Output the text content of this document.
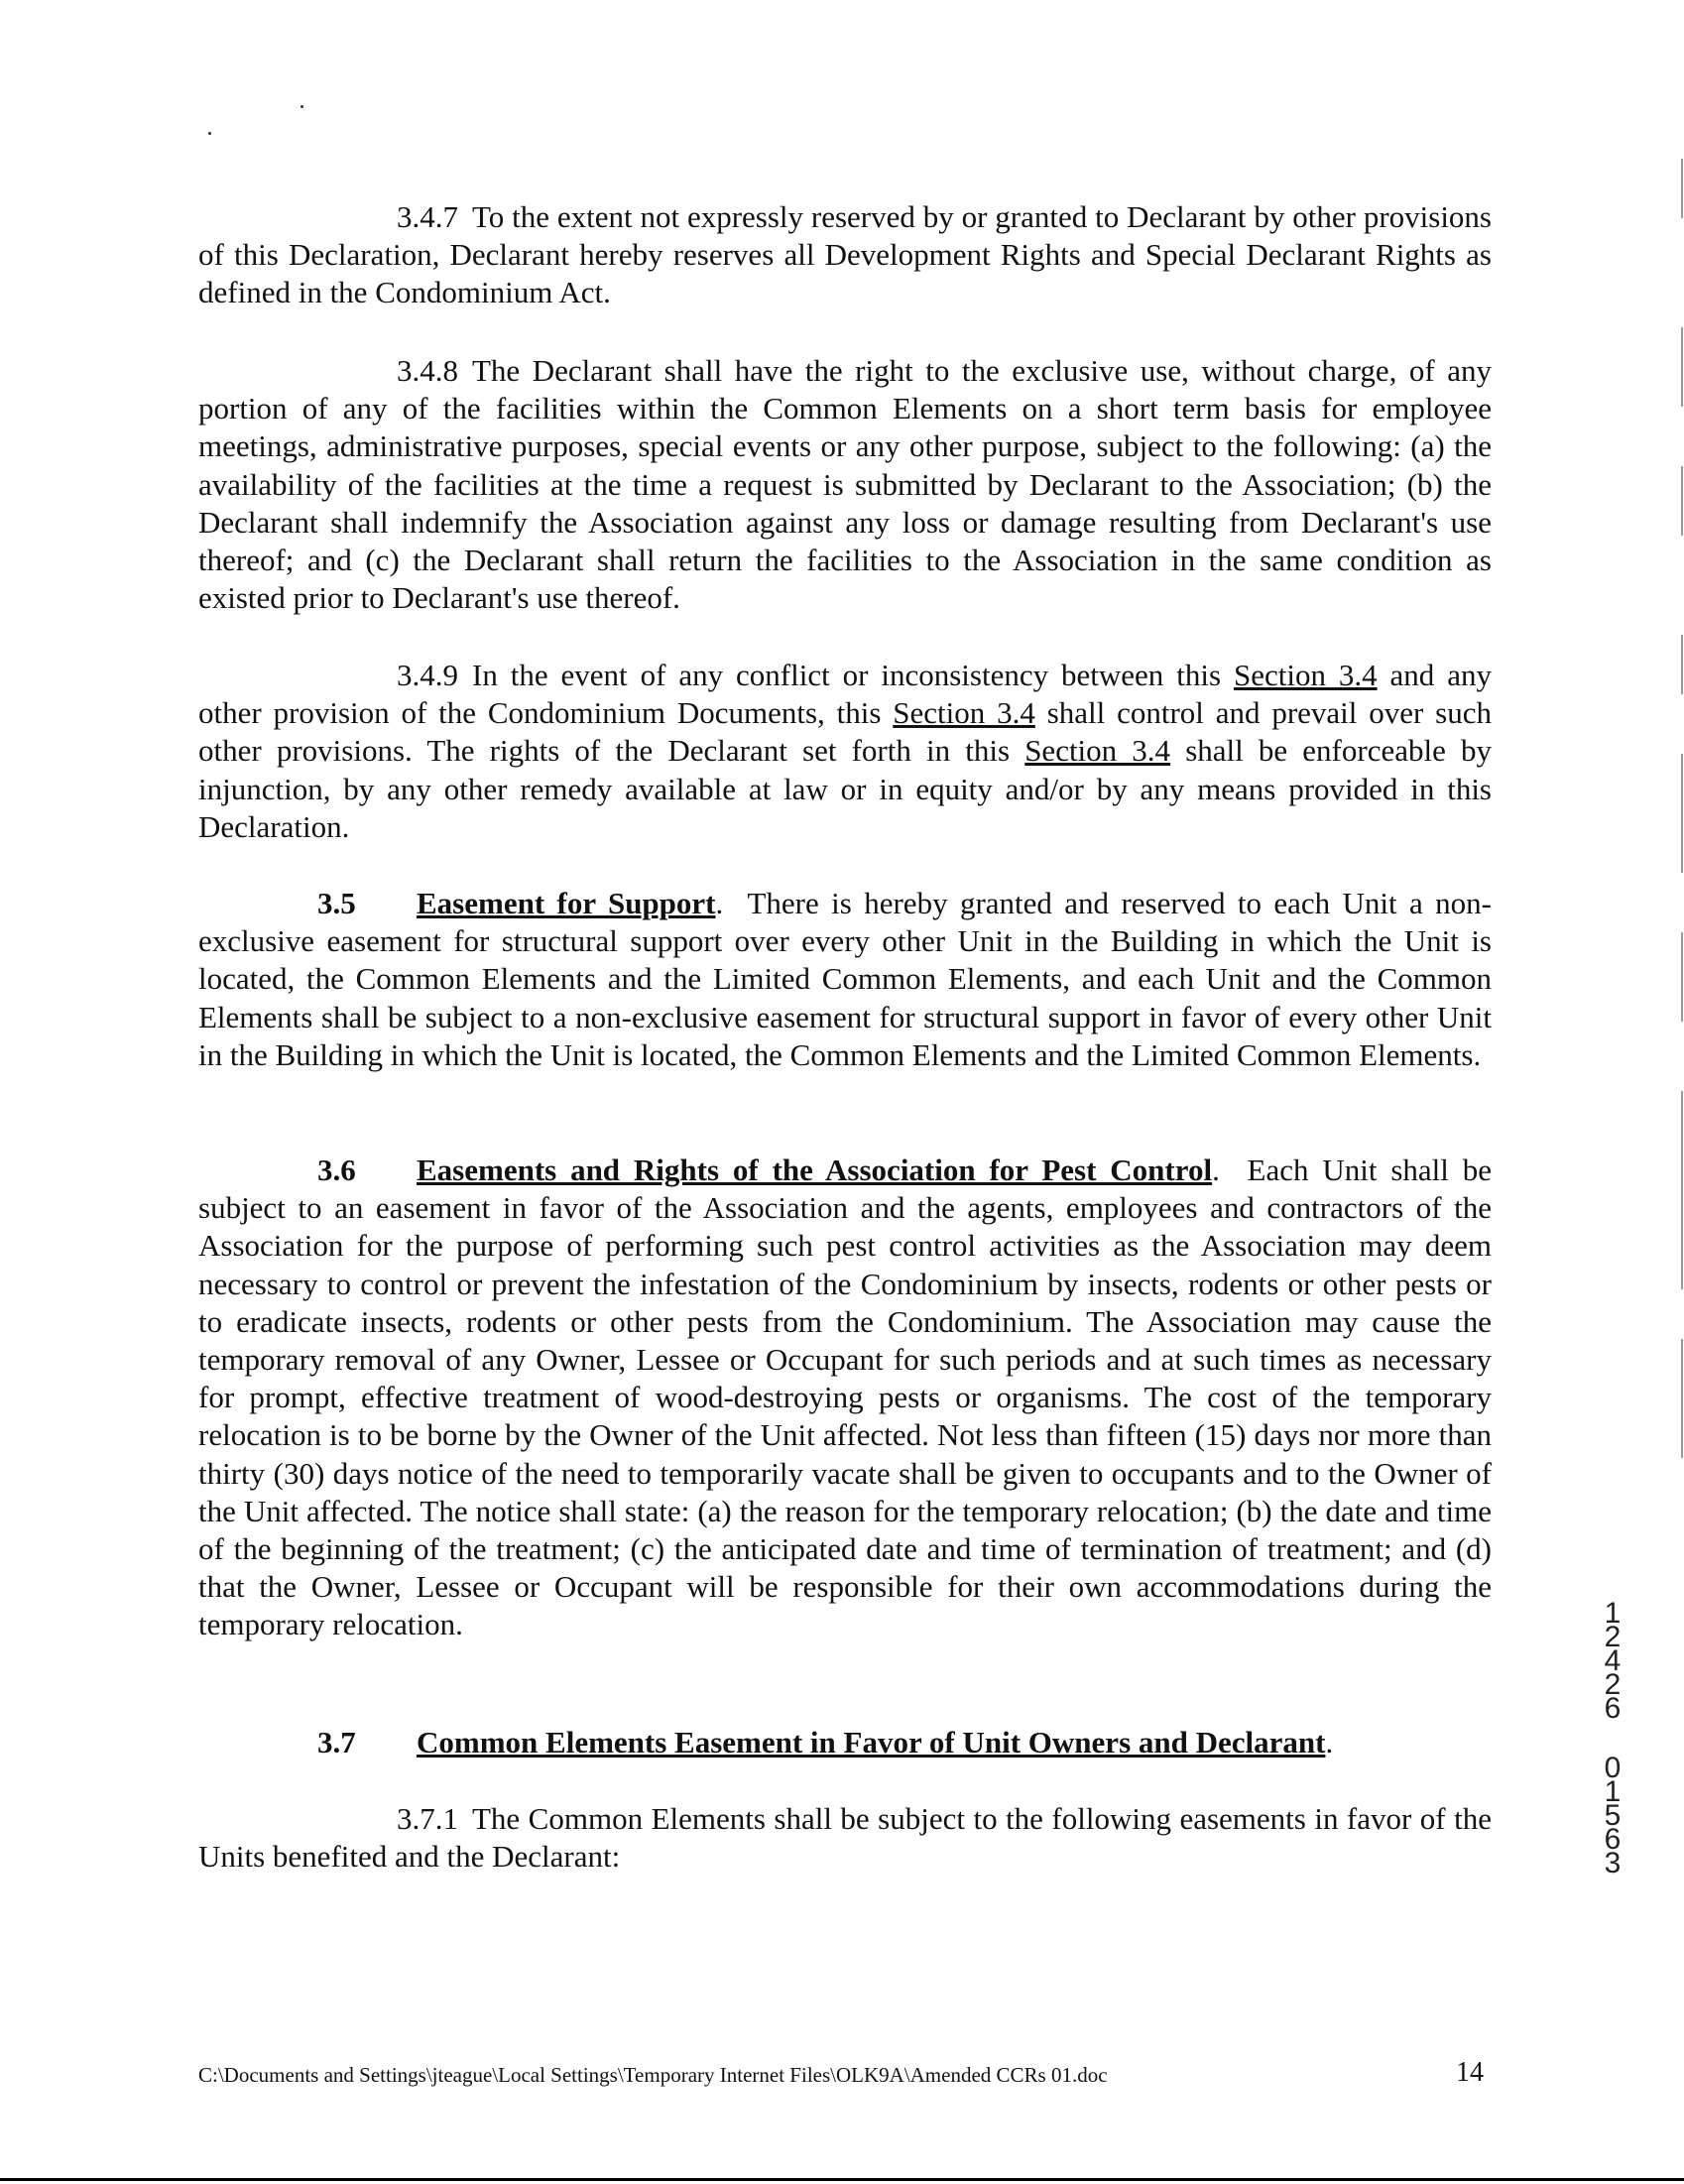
3.4.7 To the extent not expressly reserved by or granted to Declarant by other provisions of this Declaration, Declarant hereby reserves all Development Rights and Special Declarant Rights as defined in the Condominium Act.

3.4.8 The Declarant shall have the right to the exclusive use, without charge, of any portion of any of the facilities within the Common Elements on a short term basis for employee meetings, administrative purposes, special events or any other purpose, subject to the following: (a) the availability of the facilities at the time a request is submitted by Declarant to the Association; (b) the Declarant shall indemnify the Association against any loss or damage resulting from Declarant's use thereof; and (c) the Declarant shall return the facilities to the Association in the same condition as existed prior to Declarant's use thereof.

3.4.9 In the event of any conflict or inconsistency between this Section 3.4 and any other provision of the Condominium Documents, this Section 3.4 shall control and prevail over such other provisions. The rights of the Declarant set forth in this Section 3.4 shall be enforceable by injunction, by any other remedy available at law or in equity and/or by any means provided in this Declaration.

3.5 Easement for Support.  There is hereby granted and reserved to each Unit a non-exclusive easement for structural support over every other Unit in the Building in which the Unit is located, the Common Elements and the Limited Common Elements, and each Unit and the Common Elements shall be subject to a non-exclusive easement for structural support in favor of every other Unit in the Building in which the Unit is located, the Common Elements and the Limited Common Elements.

3.6 Easements and Rights of the Association for Pest Control.  Each Unit shall be subject to an easement in favor of the Association and the agents, employees and contractors of the Association for the purpose of performing such pest control activities as the Association may deem necessary to control or prevent the infestation of the Condominium by insects, rodents or other pests or to eradicate insects, rodents or other pests from the Condominium. The Association may cause the temporary removal of any Owner, Lessee or Occupant for such periods and at such times as necessary for prompt, effective treatment of wood-destroying pests or organisms. The cost of the temporary relocation is to be borne by the Owner of the Unit affected. Not less than fifteen (15) days nor more than thirty (30) days notice of the need to temporarily vacate shall be given to occupants and to the Owner of the Unit affected. The notice shall state: (a) the reason for the temporary relocation; (b) the date and time of the beginning of the treatment; (c) the anticipated date and time of termination of treatment; and (d) that the Owner, Lessee or Occupant will be responsible for their own accommodations during the temporary relocation.

3.7 Common Elements Easement in Favor of Unit Owners and Declarant.

3.7.1 The Common Elements shall be subject to the following easements in favor of the Units benefited and the Declarant:

1
2
4
2
6
0
1
5
6
3
C:\Documents and Settings\jteague\Local Settings\Temporary Internet Files\OLK9A\Amended CCRs 01.doc	14
